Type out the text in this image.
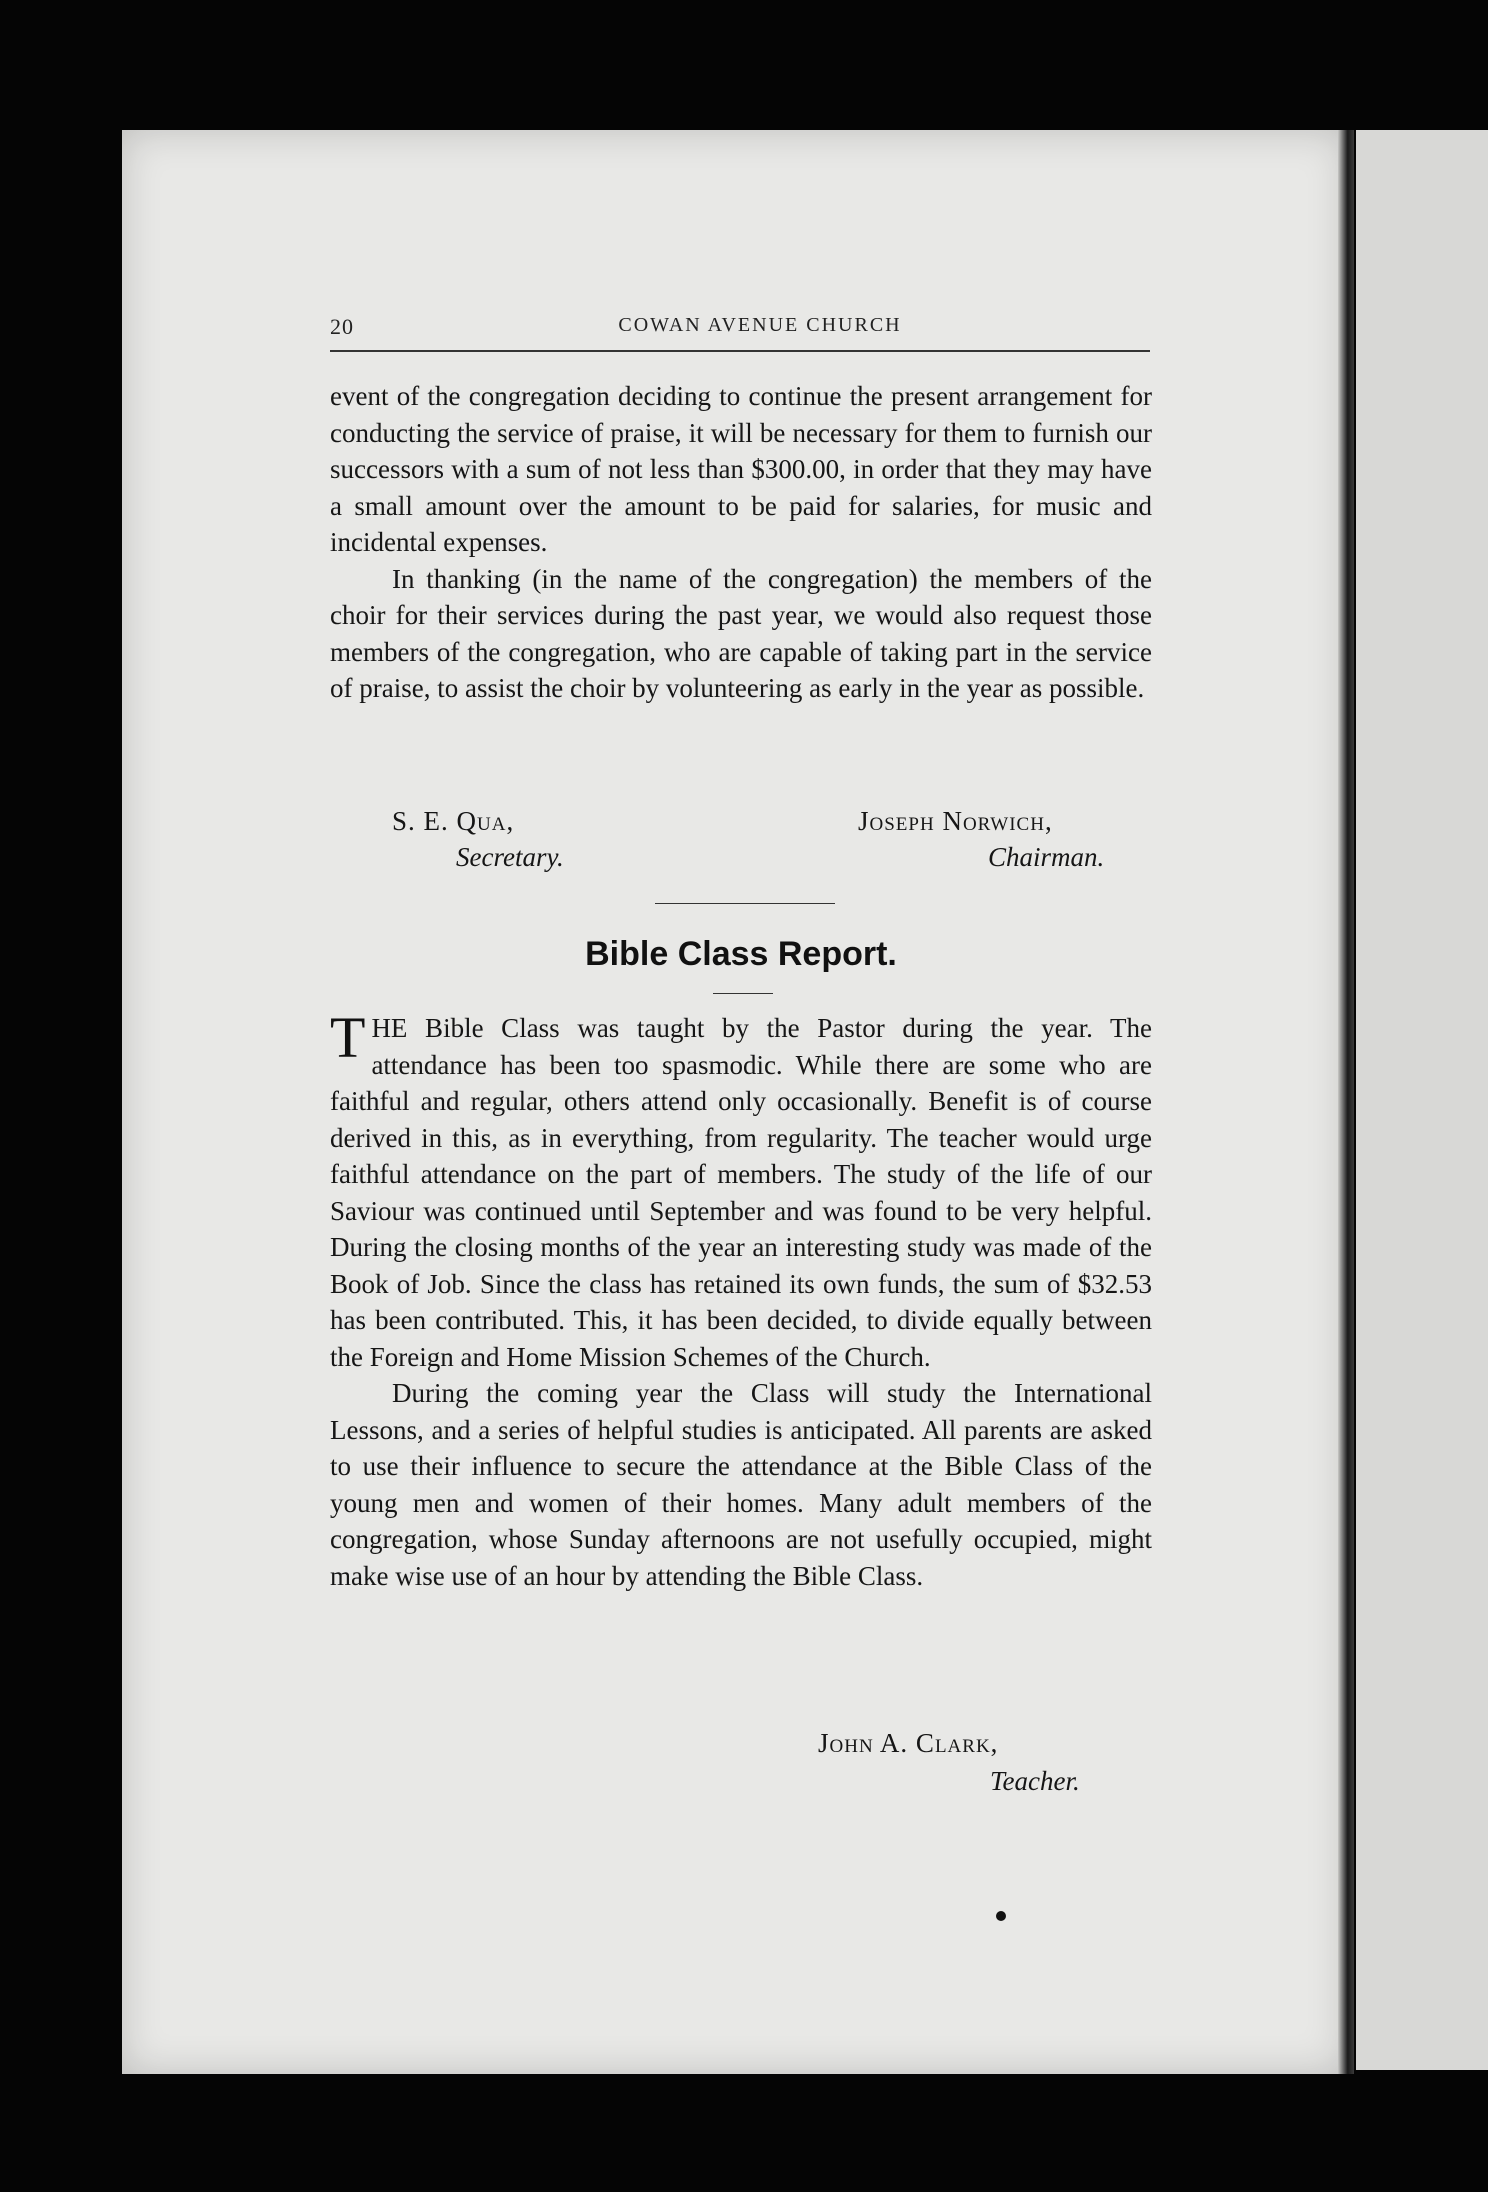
20	COWAN AVENUE CHURCH

event of the congregation deciding to continue the present arrangement for conducting the service of praise, it will be necessary for them to furnish our successors with a sum of not less than $300.00, in order that they may have a small amount over the amount to be paid for salaries, for music and incidental expenses.

In thanking (in the name of the congregation) the members of the choir for their services during the past year, we would also request those members of the congregation, who are capable of taking part in the service of praise, to assist the choir by volunteering as early in the year as possible.

S. E. Qua,
Secretary.
Joseph Norwich,
Chairman.
Bible Class Report.

THE Bible Class was taught by the Pastor during the year. The attendance has been too spasmodic. While there are some who are faithful and regular, others attend only occasionally. Benefit is of course derived in this, as in everything, from regularity. The teacher would urge faithful attendance on the part of members. The study of the life of our Saviour was continued until September and was found to be very helpful. During the closing months of the year an interesting study was made of the Book of Job. Since the class has retained its own funds, the sum of $32.53 has been contributed. This, it has been decided, to divide equally between the Foreign and Home Mission Schemes of the Church.

During the coming year the Class will study the International Lessons, and a series of helpful studies is anticipated. All parents are asked to use their influence to secure the attendance at the Bible Class of the young men and women of their homes. Many adult members of the congregation, whose Sunday afternoons are not usefully occupied, might make wise use of an hour by attending the Bible Class.

John A. Clark,
Teacher.
